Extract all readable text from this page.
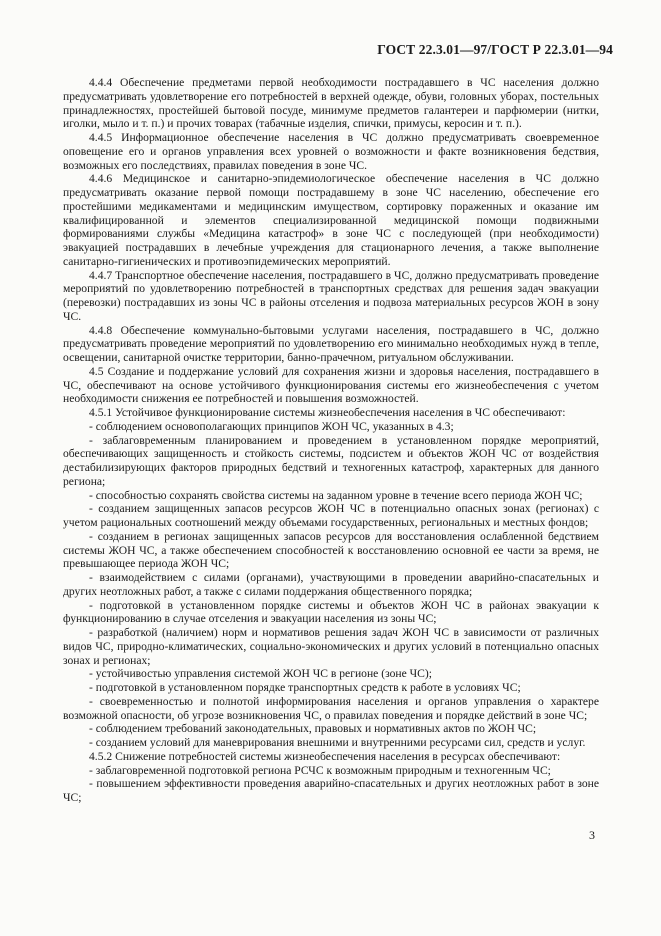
ГОСТ 22.3.01—97/ГОСТ Р 22.3.01—94

4.4.4 Обеспечение предметами первой необходимости пострадавшего в ЧС населения должно предусматривать удовлетворение его потребностей в верхней одежде, обуви, головных уборах, постельных принадлежностях, простейшей бытовой посуде, минимуме предметов галантереи и парфюмерии (нитки, иголки, мыло и т. п.) и прочих товарах (табачные изделия, спички, примусы, керосин и т. п.).

4.4.5 Информационное обеспечение населения в ЧС должно предусматривать своевременное оповещение его и органов управления всех уровней о возможности и факте возникновения бедствия, возможных его последствиях, правилах поведения в зоне ЧС.

4.4.6 Медицинское и санитарно-эпидемиологическое обеспечение населения в ЧС должно предусматривать оказание первой помощи пострадавшему в зоне ЧС населению, обеспечение его простейшими медикаментами и медицинским имуществом, сортировку пораженных и оказание им квалифицированной и элементов специализированной медицинской помощи подвижными формированиями службы «Медицина катастроф» в зоне ЧС с последующей (при необходимости) эвакуацией пострадавших в лечебные учреждения для стационарного лечения, а также выполнение санитарно-гигиенических и противоэпидемических мероприятий.

4.4.7 Транспортное обеспечение населения, пострадавшего в ЧС, должно предусматривать проведение мероприятий по удовлетворению потребностей в транспортных средствах для решения задач эвакуации (перевозки) пострадавших из зоны ЧС в районы отселения и подвоза материальных ресурсов ЖОН в зону ЧС.

4.4.8 Обеспечение коммунально-бытовыми услугами населения, пострадавшего в ЧС, должно предусматривать проведение мероприятий по удовлетворению его минимально необходимых нужд в тепле, освещении, санитарной очистке территории, банно-прачечном, ритуальном обслуживании.

4.5 Создание и поддержание условий для сохранения жизни и здоровья населения, пострадавшего в ЧС, обеспечивают на основе устойчивого функционирования системы его жизнеобеспечения с учетом необходимости снижения ее потребностей и повышения возможностей.

4.5.1 Устойчивое функционирование системы жизнеобеспечения населения в ЧС обеспечивают:

- соблюдением основополагающих принципов ЖОН ЧС, указанных в 4.3;

- заблаговременным планированием и проведением в установленном порядке мероприятий, обеспечивающих защищенность и стойкость системы, подсистем и объектов ЖОН ЧС от воздействия дестабилизирующих факторов природных бедствий и техногенных катастроф, характерных для данного региона;

- способностью сохранять свойства системы на заданном уровне в течение всего периода ЖОН ЧС;

- созданием защищенных запасов ресурсов ЖОН ЧС в потенциально опасных зонах (регионах) с учетом рациональных соотношений между объемами государственных, региональных и местных фондов;

- созданием в регионах защищенных запасов ресурсов для восстановления ослабленной бедствием системы ЖОН ЧС, а также обеспечением способностей к восстановлению основной ее части за время, не превышающее периода ЖОН ЧС;

- взаимодействием с силами (органами), участвующими в проведении аварийно-спасательных и других неотложных работ, а также с силами поддержания общественного порядка;

- подготовкой в установленном порядке системы и объектов ЖОН ЧС в районах эвакуации к функционированию в случае отселения и эвакуации населения из зоны ЧС;

- разработкой (наличием) норм и нормативов решения задач ЖОН ЧС в зависимости от различных видов ЧС, природно-климатических, социально-экономических и других условий в потенциально опасных зонах и регионах;

- устойчивостью управления системой ЖОН ЧС в регионе (зоне ЧС);

- подготовкой в установленном порядке транспортных средств к работе в условиях ЧС;

- своевременностью и полнотой информирования населения и органов управления о характере возможной опасности, об угрозе возникновения ЧС, о правилах поведения и порядке действий в зоне ЧС;

- соблюдением требований законодательных, правовых и нормативных актов по ЖОН ЧС;

- созданием условий для маневрирования внешними и внутренними ресурсами сил, средств и услуг.

4.5.2 Снижение потребностей системы жизнеобеспечения населения в ресурсах обеспечивают:

- заблаговременной подготовкой региона РСЧС к возможным природным и техногенным ЧС;

- повышением эффективности проведения аварийно-спасательных и других неотложных работ в зоне ЧС;

3
